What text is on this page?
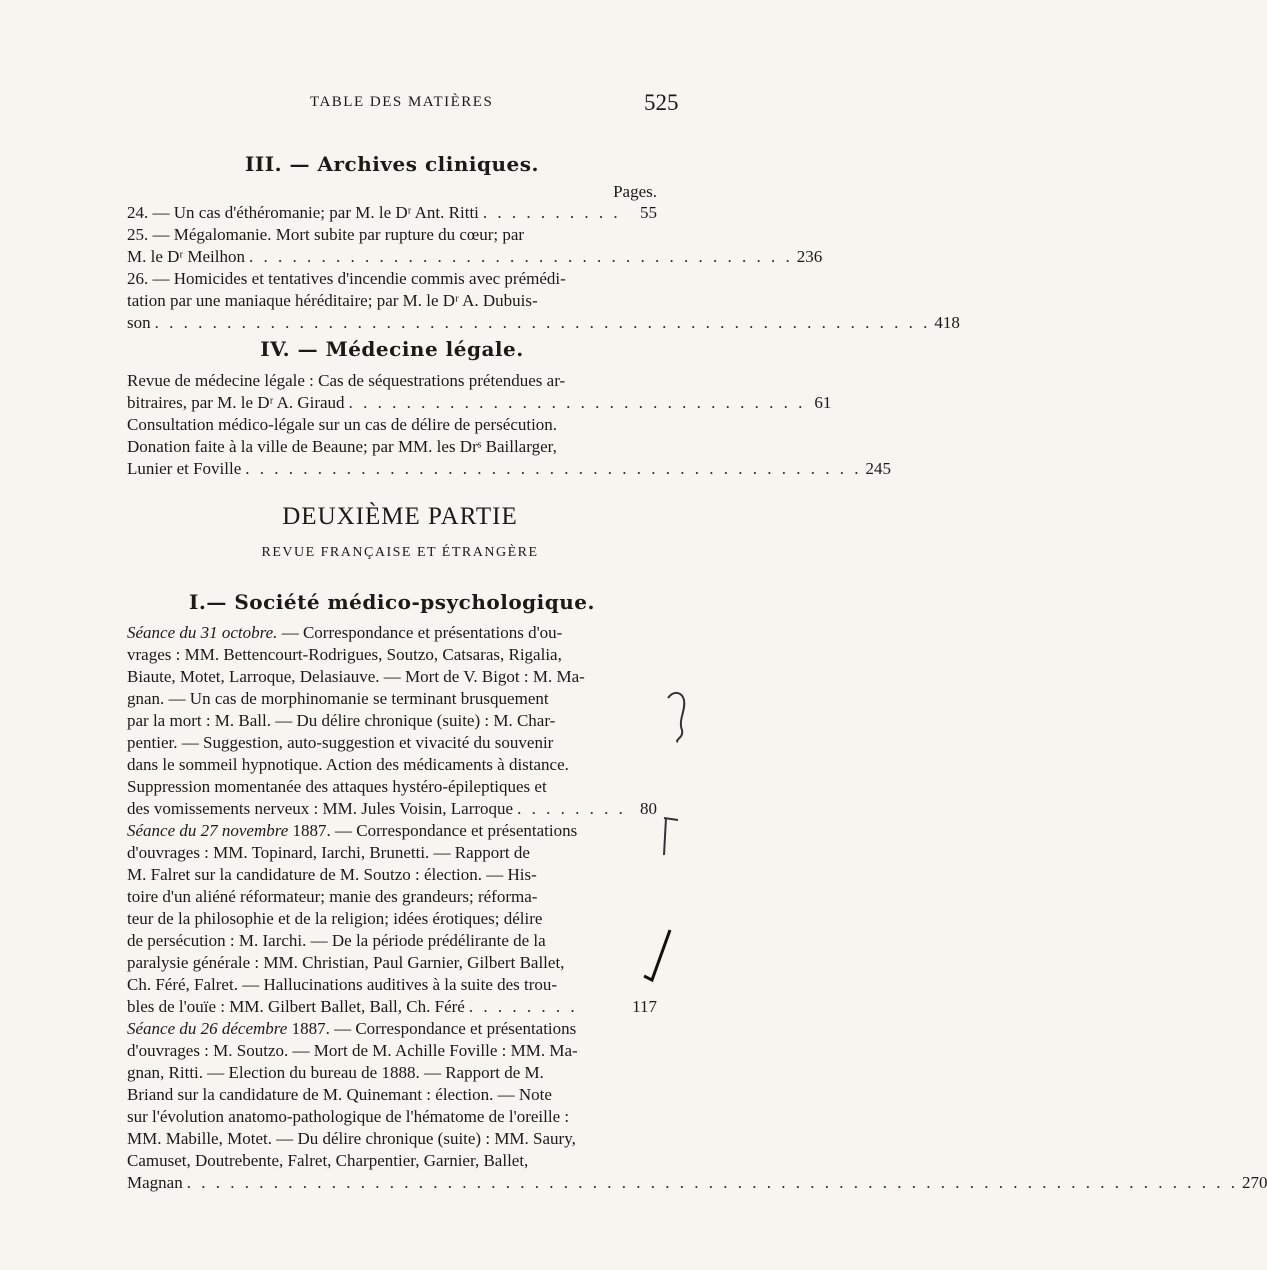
TABLE DES MATIÈRES	525
III. — Archives cliniques.
Pages.
24. — Un cas d'éthéromanie; par M. le Dʳ Ant. Ritti . . . . . . . . . .	55
25. — Mégalomanie. Mort subite par rupture du cœur; par
M. le Dʳ Meilhon . . . . . . . . . . . . . . . . . . . . . . . . . . . . . . . . . . . . . . 236
26. — Homicides et tentatives d'incendie commis avec prémédi-
tation par une maniaque héréditaire; par M. le Dʳ A. Dubuis-
son . . . . . . . . . . . . . . . . . . . . . . . . . . . . . . . . . . . . . . . . . . . . . . . . . . . . . . 418
IV. — Médecine légale.
Revue de médecine légale : Cas de séquestrations prétendues ar-
bitraires, par M. le Dʳ A. Giraud . . . . . . . . . . . . . . . . . . . . . . . . . . . . . . . . 61
Consultation médico-légale sur un cas de délire de persécution.
Donation faite à la ville de Beaune; par MM. les Drˢ Baillarger,
Lunier et Foville . . . . . . . . . . . . . . . . . . . . . . . . . . . . . . . . . . . . . . . . . . . 245
DEUXIÈME PARTIE
REVUE FRANÇAISE ET ÉTRANGÈRE
I.— Société médico-psychologique.
Séance du 31 octobre. — Correspondance et présentations d'ou-
vrages : MM. Bettencourt-Rodrigues, Soutzo, Catsaras, Rigalia,
Biaute, Motet, Larroque, Delasiauve. — Mort de V. Bigot : M. Ma-
gnan. — Un cas de morphinomanie se terminant brusquement
par la mort : M. Ball. — Du délire chronique (suite) : M. Char-
pentier. — Suggestion, auto-suggestion et vivacité du souvenir
dans le sommeil hypnotique. Action des médicaments à distance.
Suppression momentanée des attaques hystéro-épileptiques et
des vomissements nerveux : MM. Jules Voisin, Larroque . . . . . . . . 80
Séance du 27 novembre 1887. — Correspondance et présentations
d'ouvrages : MM. Topinard, Iarchi, Brunetti. — Rapport de
M. Falret sur la candidature de M. Soutzo : élection. — His-
toire d'un aliéné réformateur; manie des grandeurs; réforma-
teur de la philosophie et de la religion; idées érotiques; délire
de persécution : M. Iarchi. — De la période prédélirante de la
paralysie générale : MM. Christian, Paul Garnier, Gilbert Ballet,
Ch. Féré, Falret. — Hallucinations auditives à la suite des trou-
bles de l'ouïe : MM. Gilbert Ballet, Ball, Ch. Féré . . . . . . . .	117
Séance du 26 décembre 1887. — Correspondance et présentations
d'ouvrages : M. Soutzo. — Mort de M. Achille Foville : MM. Ma-
gnan, Ritti. — Election du bureau de 1888. — Rapport de M.
Briand sur la candidature de M. Quinemant : élection. — Note
sur l'évolution anatomo-pathologique de l'hématome de l'oreille :
MM. Mabille, Motet. — Du délire chronique (suite) : MM. Saury,
Camuset, Doutrebente, Falret, Charpentier, Garnier, Ballet,
Magnan . . . . . . . . . . . . . . . . . . . . . . . . . . . . . . . . . . . . . . . . . . . . . . . . . . . . . . . . . . . . . . . . . . . . . . . . . 270
